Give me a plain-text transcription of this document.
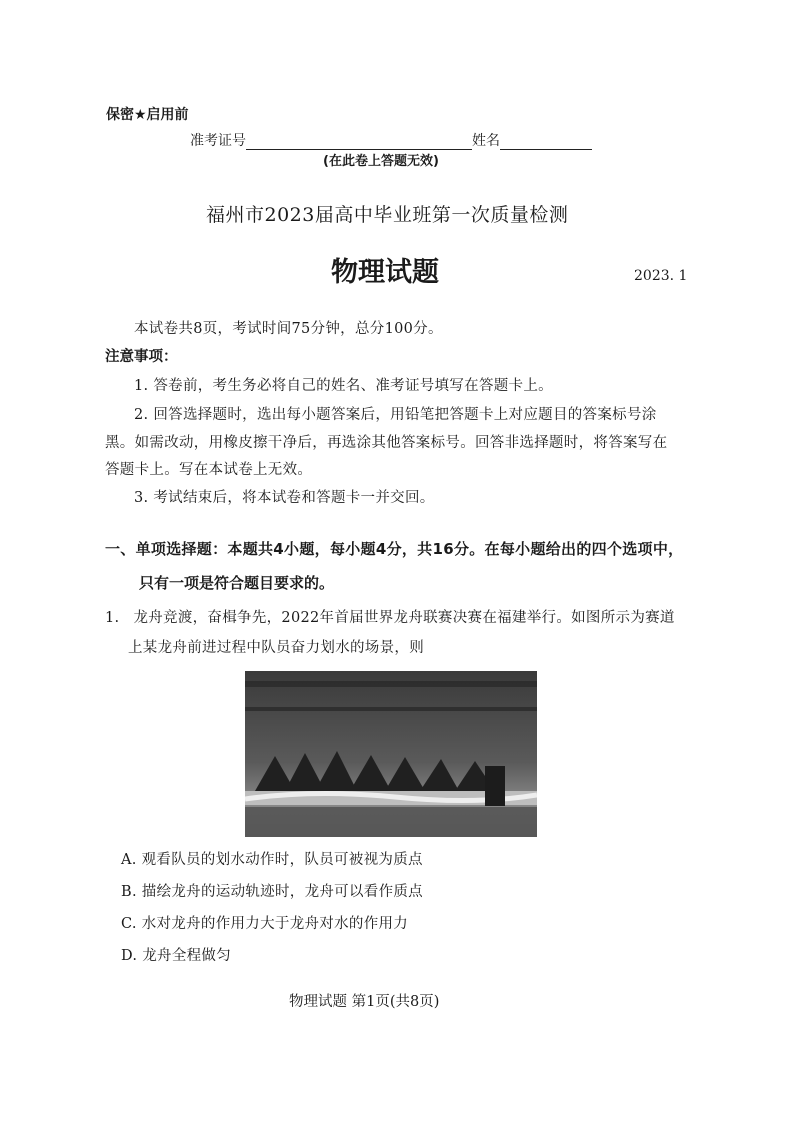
保密★启用前
准考证号	姓名
(在此卷上答题无效)
福州市2023届高中毕业班第一次质量检测
物理试题	2023. 1
本试卷共8页，考试时间75分钟，总分100分。
注意事项：
1. 答卷前，考生务必将自己的姓名、准考证号填写在答题卡上。
2. 回答选择题时，选出每小题答案后，用铅笔把答题卡上对应题目的答案标号涂
黑。如需改动，用橡皮擦干净后，再选涂其他答案标号。回答非选择题时，将答案写在
答题卡上。写在本试卷上无效。
3. 考试结束后，将本试卷和答题卡一并交回。
一、单项选择题：本题共4小题，每小题4分，共16分。在每小题给出的四个选项中，
只有一项是符合题目要求的。
1. 龙舟竞渡，奋楫争先，2022年首届世界龙舟联赛决赛在福建举行。如图所示为赛道
上某龙舟前进过程中队员奋力划水的场景，则
A. 观看队员的划水动作时，队员可被视为质点
B. 描绘龙舟的运动轨迹时，龙舟可以看作质点
C. 水对龙舟的作用力大于龙舟对水的作用力
D. 龙舟全程做匀
物理试题 第1页(共8页)
